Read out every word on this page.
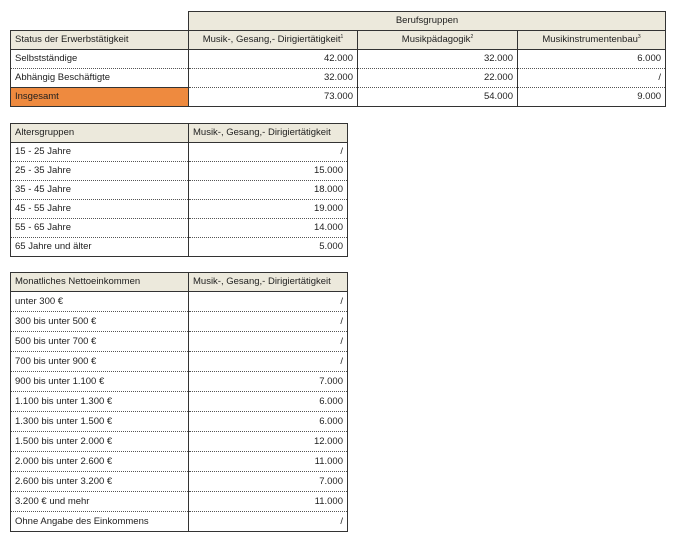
	Berufsgruppen		
Status der Erwerbstätigkeit	Musik-, Gesang,- Dirigiertätigkeit$^1$	Musikpädagogik$^2$	Musikinstrumentenbau$^3$
Selbstständige	42.000	32.000	6.000
Abhängig Beschäftigte	32.000	22.000	/
Insgesamt	73.000	54.000	9.000
Altersgruppen	Musik-, Gesang,- Dirigiertätigkeit
15 - 25 Jahre	/
25 - 35 Jahre	15.000
35 - 45 Jahre	18.000
45 - 55 Jahre	19.000
55 - 65 Jahre	14.000
65 Jahre und älter	5.000
Monatliches Nettoeinkommen	Musik-, Gesang,- Dirigiertätigkeit
unter 300 €	/
300 bis unter 500 €	/
500 bis unter 700 €	/
700 bis unter 900 €	/
900 bis unter 1.100 €	7.000
1.100 bis unter 1.300 €	6.000
1.300 bis unter 1.500 €	6.000
1.500 bis unter 2.000 €	12.000
2.000 bis unter 2.600 €	11.000
2.600 bis unter 3.200 €	7.000
3.200 € und mehr	11.000
Ohne Angabe des Einkommens	/
